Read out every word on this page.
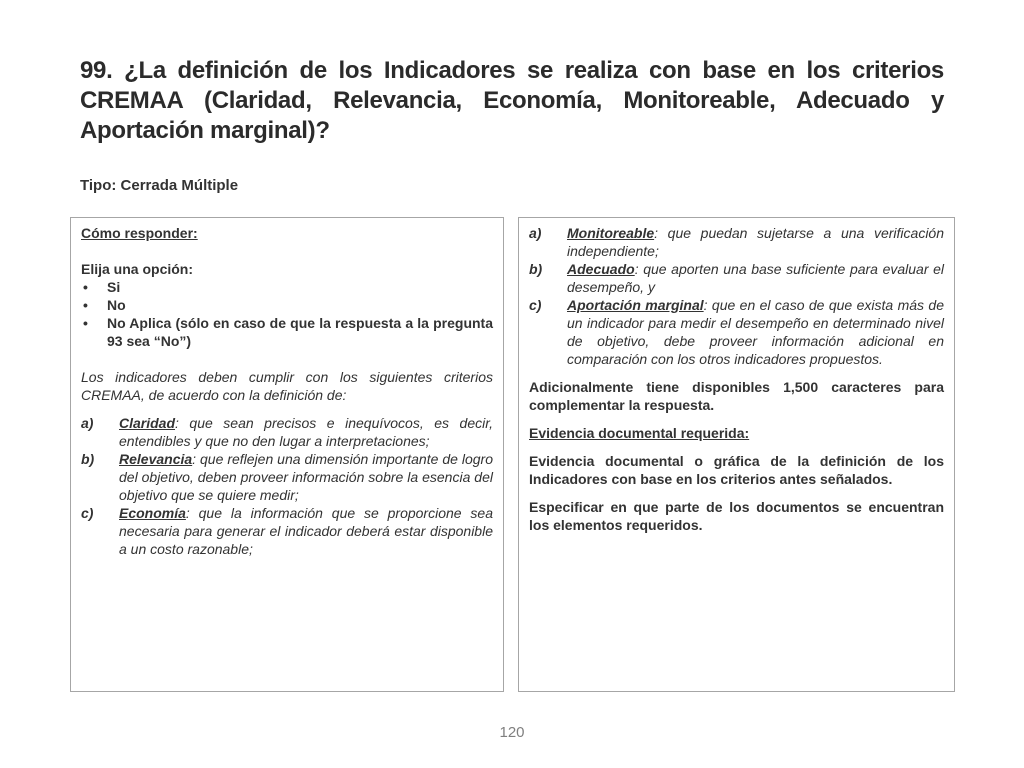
99. ¿La definición de los Indicadores se realiza con base en los criterios CREMAA (Claridad, Relevancia, Economía, Monitoreable, Adecuado y Aportación marginal)?
Tipo: Cerrada Múltiple
Cómo responder:
Elija una opción:
• Si
• No
• No Aplica (sólo en caso de que la respuesta a la pregunta 93 sea “No”)
Los indicadores deben cumplir con los siguientes criterios CREMAA, de acuerdo con la definición de:
a)	Claridad: que sean precisos e inequívocos, es decir, entendibles y que no den lugar a interpretaciones;
b)	Relevancia: que reflejen una dimensión importante de logro del objetivo, deben proveer información sobre la esencia del objetivo que se quiere medir;
c)	Economía: que la información que se proporcione sea necesaria para generar el indicador deberá estar disponible a un costo razonable;
a)	Monitoreable: que puedan sujetarse a una verificación independiente;
b)	Adecuado: que aporten una base suficiente para evaluar el desempeño, y
c)	Aportación marginal: que en el caso de que exista más de un indicador para medir el desempeño en determinado nivel de objetivo, debe proveer información adicional en comparación con los otros indicadores propuestos.
Adicionalmente tiene disponibles 1,500 caracteres para complementar la respuesta.
Evidencia documental requerida:
Evidencia documental o gráfica de la definición de los Indicadores con base en los criterios antes señalados.
Especificar en que parte de los documentos se encuentran los elementos requeridos.
120
